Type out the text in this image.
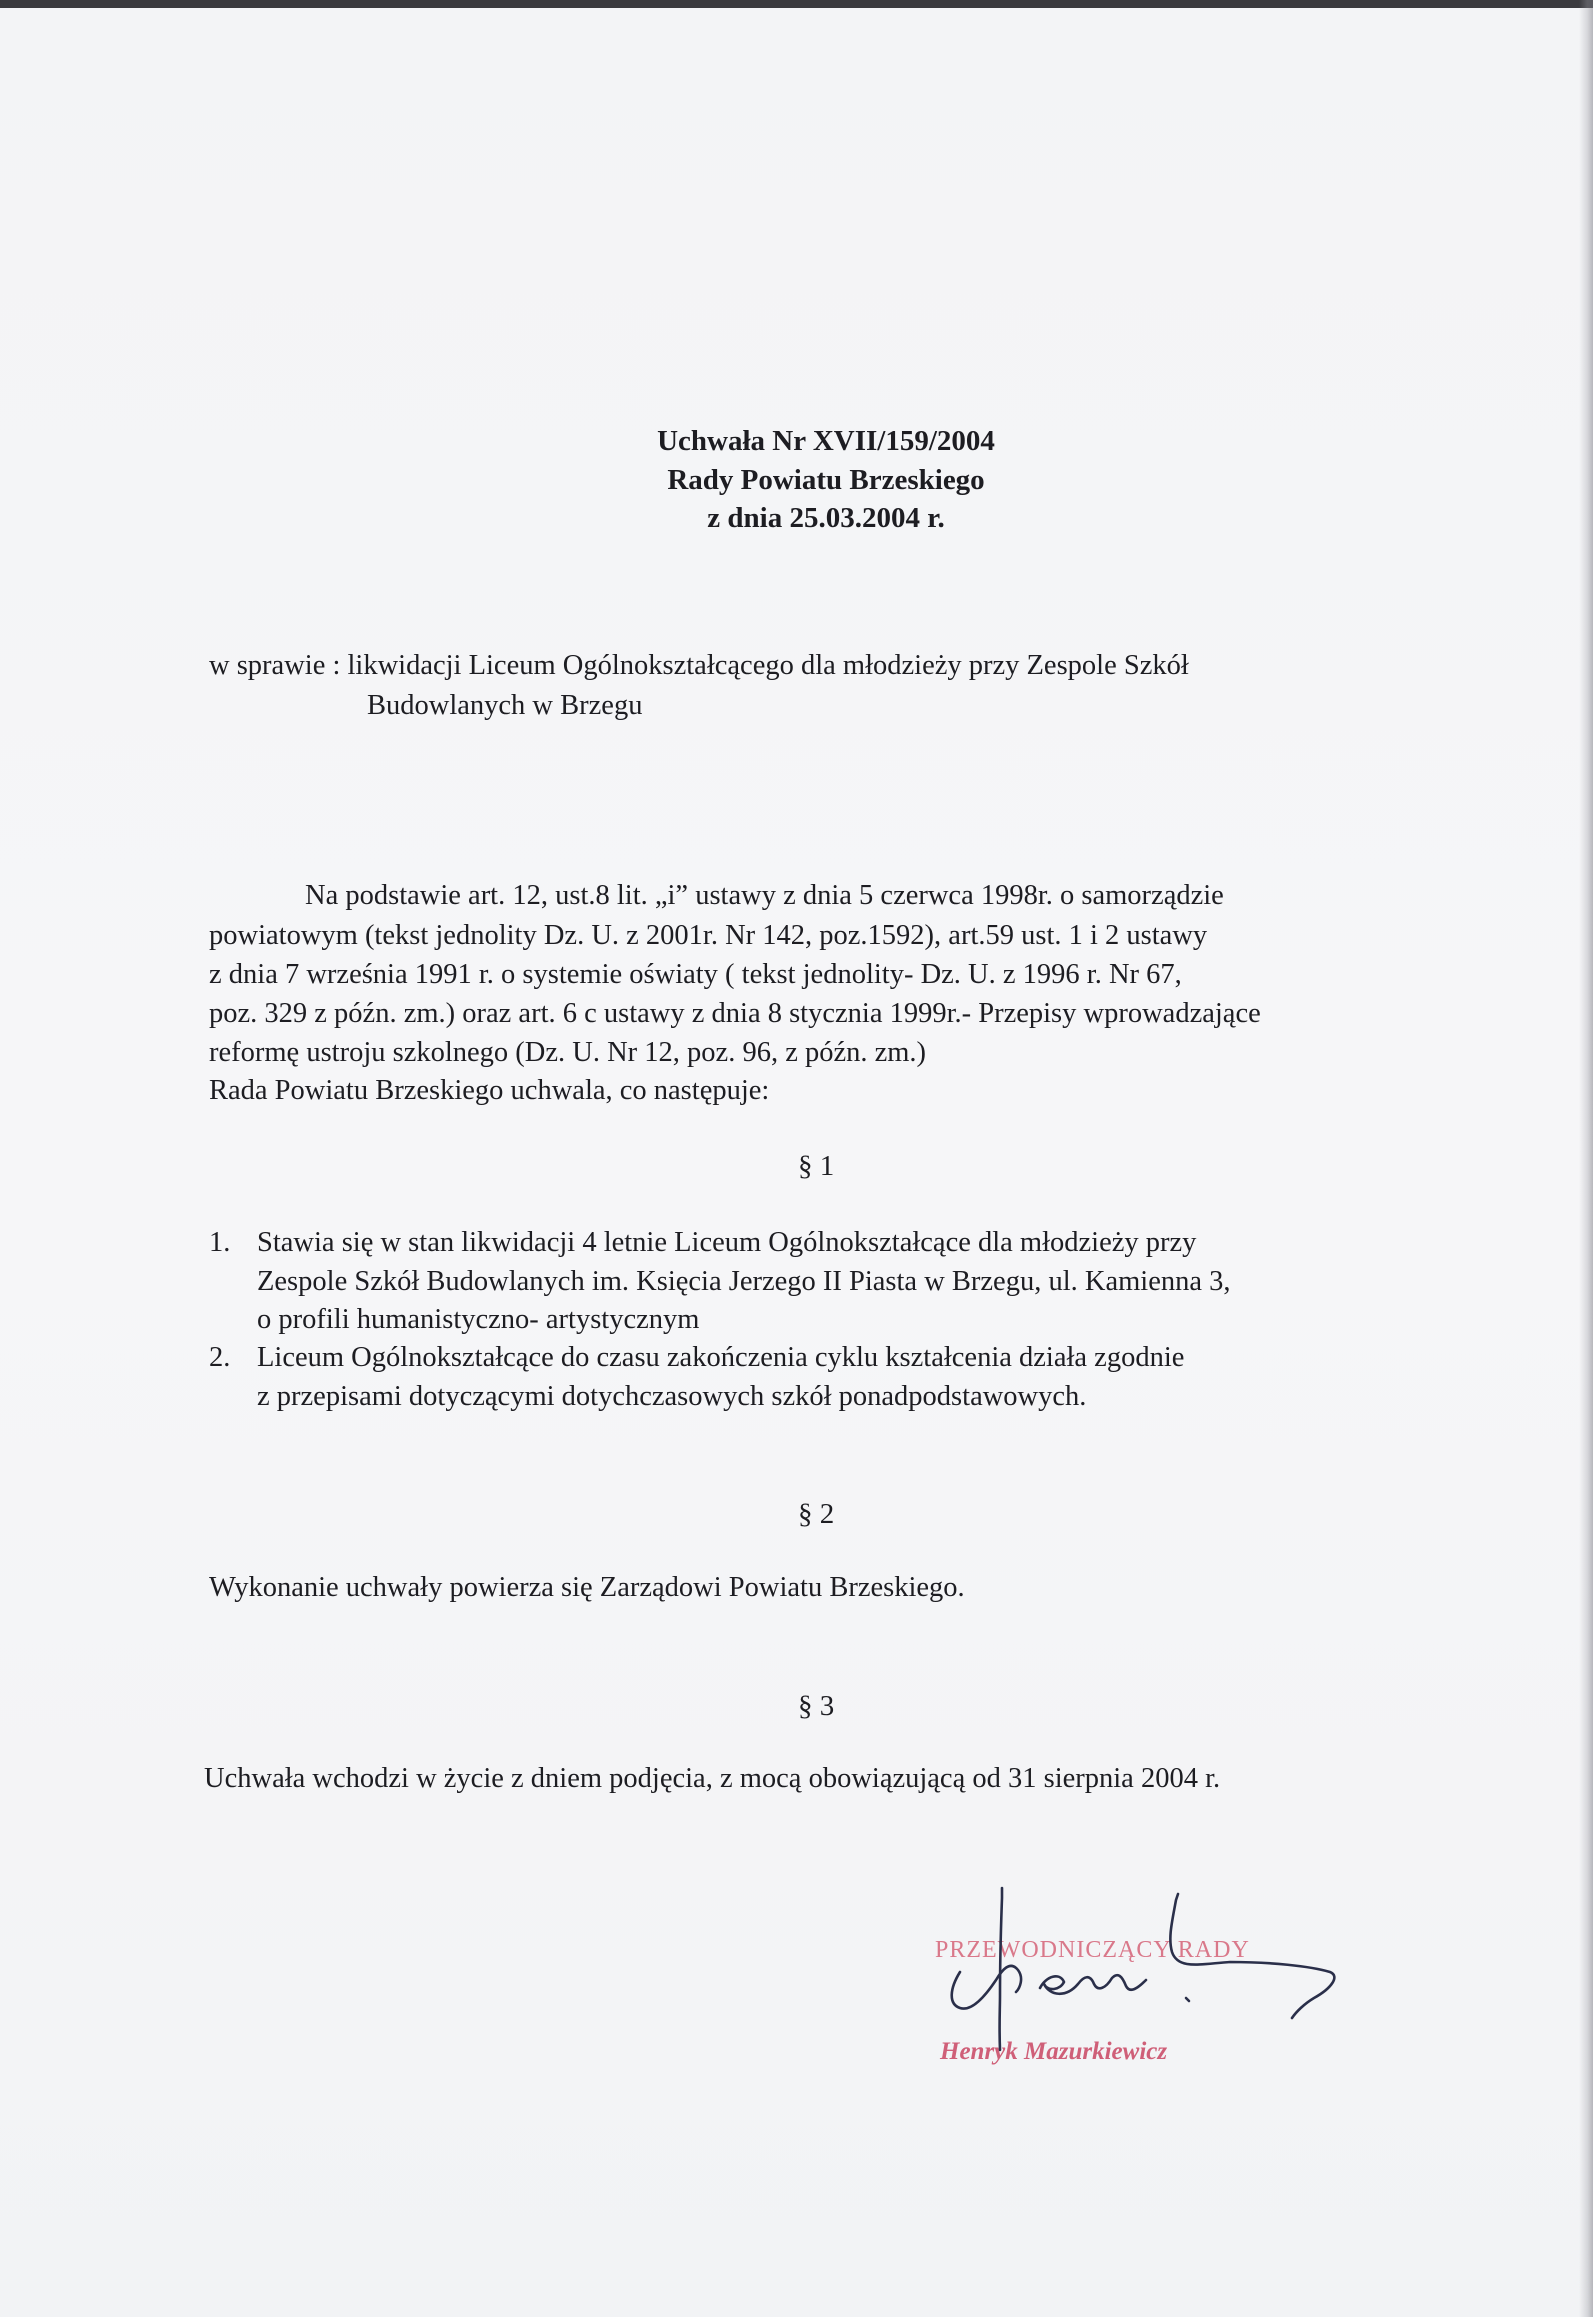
Uchwała Nr XVII/159/2004
Rady Powiatu Brzeskiego
z dnia 25.03.2004 r.
w sprawie : likwidacji Liceum Ogólnokształcącego dla młodzieży przy Zespole Szkół
Budowlanych w Brzegu
Na podstawie art. 12, ust.8 lit. „i” ustawy z dnia 5 czerwca 1998r. o samorządzie
powiatowym (tekst jednolity Dz. U. z 2001r. Nr 142, poz.1592), art.59 ust. 1 i 2 ustawy
z dnia 7 września 1991 r. o systemie oświaty ( tekst jednolity- Dz. U. z 1996 r. Nr 67,
poz. 329 z późn. zm.) oraz art. 6 c ustawy z dnia 8 stycznia 1999r.- Przepisy wprowadzające
reformę ustroju szkolnego (Dz. U. Nr 12, poz. 96, z późn. zm.)
Rada Powiatu Brzeskiego uchwala, co następuje:
§ 1
1. Stawia się w stan likwidacji 4 letnie Liceum Ogólnokształcące dla młodzieży przy
Zespole Szkół Budowlanych im. Księcia Jerzego II Piasta w Brzegu, ul. Kamienna 3,
o profili humanistyczno- artystycznym
2. Liceum Ogólnokształcące do czasu zakończenia cyklu kształcenia działa zgodnie
z przepisami dotyczącymi dotychczasowych szkół ponadpodstawowych.
§ 2
Wykonanie uchwały powierza się Zarządowi Powiatu Brzeskiego.
§ 3
Uchwała wchodzi w życie z dniem podjęcia, z mocą obowiązującą od 31 sierpnia 2004 r.
PRZEWODNICZĄCY RADY
Henryk Mazurkiewicz
